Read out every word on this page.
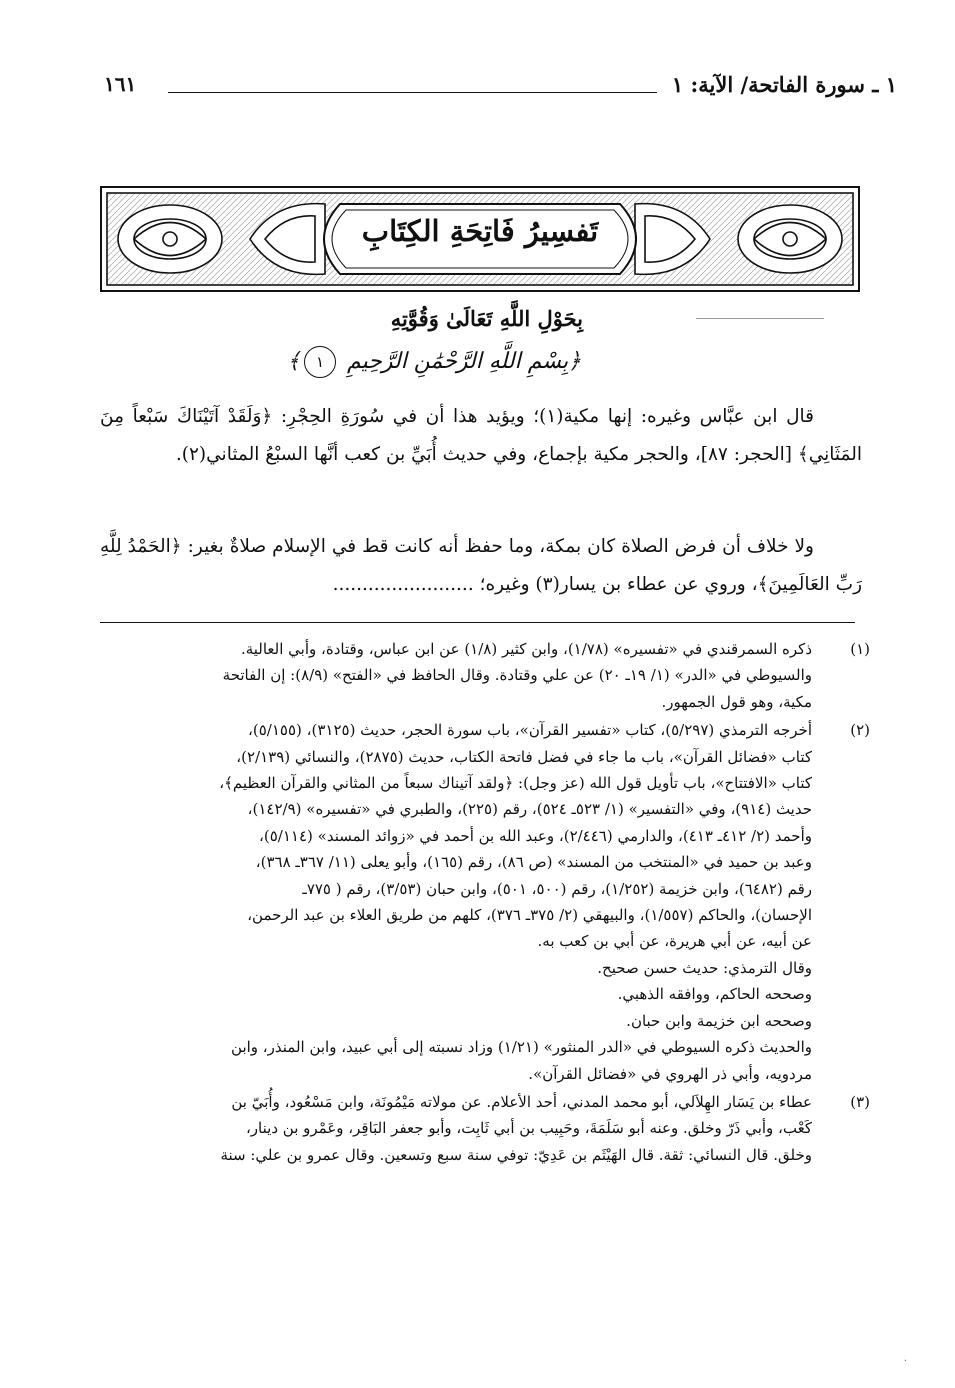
١ ـ سورة الفاتحة/ الآية: ١
١٦١
تَفسِيرُ فَاتِحَةِ الكِتَابِ
بِحَوْلِ اللَّهِ تَعَالَىٰ وَقُوَّتِهِ
﴿بِسْمِ اللَّهِ الرَّحْمَٰنِ الرَّحِيمِ ١﴾
قال ابن عبَّاس وغيره: إنها مكية(١)؛ ويؤيد هذا أن في سُورَةِ الحِجْرِ: ﴿وَلَقَدْ آتَيْنَاكَ سَبْعاً مِنَ المَثَانِي﴾ [الحجر: ٨٧]، والحجر مكية بإجماع، وفي حديث أُبَيِّ بن كعب أنَّها السبْعُ المثاني(٢).
ولا خلاف أن فرض الصلاة كان بمكة، وما حفظ أنه كانت قط في الإسلام صلاةٌ بغير: ﴿الحَمْدُ لِلَّهِ رَبِّ العَالَمِينَ﴾، وروي عن عطاء بن يسار(٣) وغيره؛ ........................
(١)
ذكره السمرقندي في «تفسيره» (١/٧٨)، وابن كثير (١/٨) عن ابن عباس، وقتادة، وأبي العالية.
والسيوطي في «الدر» (١/ ١٩ـ ٢٠) عن علي وقتادة. وقال الحافظ في «الفتح» (٨/٩): إن الفاتحة
مكية، وهو قول الجمهور.
(٢)
أخرجه الترمذي (٥/٢٩٧)، كتاب «تفسير القرآن»، باب سورة الحجر، حديث (٣١٢٥)، (٥/١٥٥)،
كتاب «فضائل القرآن»، باب ما جاء في فضل فاتحة الكتاب، حديث (٢٨٧٥)، والنسائي (٢/١٣٩)،
كتاب «الافتتاح»، باب تأويل قول الله (عز وجل): ﴿ولقد آتيناك سبعاً من المثاني والقرآن العظيم﴾،
حديث (٩١٤)، وفي «التفسير» (١/ ٥٢٣ـ ٥٢٤)، رقم (٢٢٥)، والطبري في «تفسيره» (١٤٢/٩)،
وأحمد (٢/ ٤١٢ـ ٤١٣)، والدارمي (٢/٤٤٦)، وعبد الله بن أحمد في «زوائد المسند» (٥/١١٤)،
وعبد بن حميد في «المنتخب من المسند» (ص ٨٦)، رقم (١٦٥)، وأبو يعلى (١١/ ٣٦٧ـ ٣٦٨)،
رقم (٦٤٨٢)، وابن خزيمة (١/٢٥٢)، رقم (٥٠٠، ٥٠١)، وابن حبان (٣/٥٣)، رقم ( ٧٧٥ـ
الإحسان)، والحاكم (١/٥٥٧)، والبيهقي (٢/ ٣٧٥ـ ٣٧٦)، كلهم من طريق العلاء بن عبد الرحمن،
عن أبيه، عن أبي هريرة، عن أبي بن كعب به.
وقال الترمذي: حديث حسن صحيح.
وصححه الحاكم، ووافقه الذهبي.
وصححه ابن خزيمة وابن حبان.
والحديث ذكره السيوطي في «الدر المنثور» (١/٢١) وزاد نسبته إلى أبي عبيد، وابن المنذر، وابن
مردويه، وأبي ذر الهروي في «فضائل القرآن».
(٣)
عطاء بن يَسَار الهِلاَلي، أبو محمد المدني، أحد الأعلام. عن مولاته مَيْمُونَة، وابن مَسْعُود، وأُبَيّ بن
كَعْب، وأبي ذَرّ وخلق. وعنه أبو سَلَمَةَ، وحَبِيب بن أبي ثَابِت، وأبو جعفر البَاقِر، وعَمْرو بن دينار،
وخلق. قال النسائي: ثقة. قال الهَيْثَم بن عَدِيّ: توفي سنة سبع وتسعين. وقال عمرو بن علي: سنة
·
